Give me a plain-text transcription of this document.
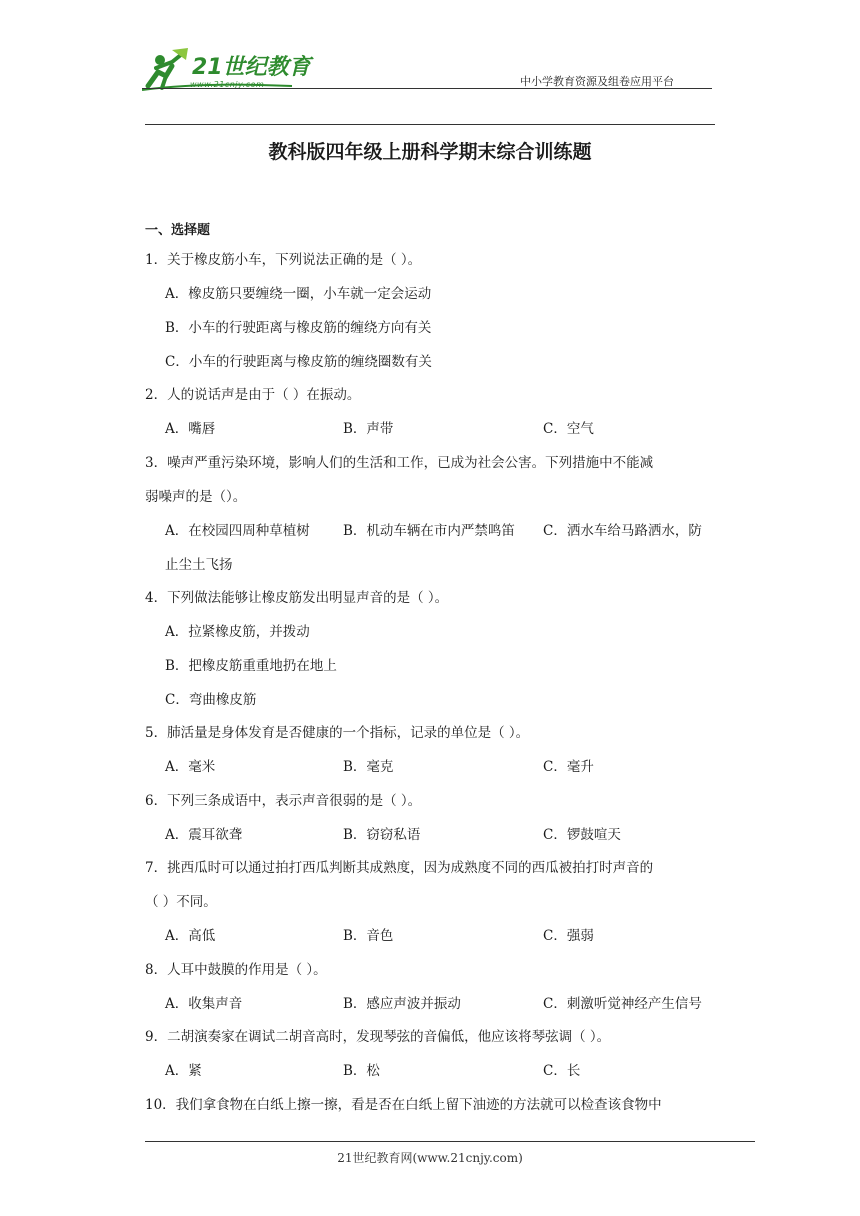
21世纪教育
www.21cnjy.com	中小学教育资源及组卷应用平台
教科版四年级上册科学期末综合训练题
一、选择题
1．关于橡皮筋小车，下列说法正确的是（ ）。
A．橡皮筋只要缠绕一圈，小车就一定会运动
B．小车的行驶距离与橡皮筋的缠绕方向有关
C．小车的行驶距离与橡皮筋的缠绕圈数有关
2．人的说话声是由于（ ）在振动。
A．嘴唇	B．声带	C．空气
3．噪声严重污染环境，影响人们的生活和工作，已成为社会公害。下列措施中不能减
弱噪声的是（）。
A．在校园四周种草植树 B．机动车辆在市内严禁鸣笛 C．洒水车给马路洒水，防
止尘土飞扬
4．下列做法能够让橡皮筋发出明显声音的是（ ）。
A．拉紧橡皮筋，并拨动
B．把橡皮筋重重地扔在地上
C．弯曲橡皮筋
5．肺活量是身体发育是否健康的一个指标，记录的单位是（ ）。
A．毫米	B．毫克	C．毫升
6．下列三条成语中，表示声音很弱的是（ ）。
A．震耳欲聋	B．窃窃私语	C．锣鼓喧天
7．挑西瓜时可以通过拍打西瓜判断其成熟度，因为成熟度不同的西瓜被拍打时声音的
（ ）不同。
A．高低	B．音色	C．强弱
8．人耳中鼓膜的作用是（ ）。
A．收集声音	B．感应声波并振动	C．刺激听觉神经产生信号
9．二胡演奏家在调试二胡音高时，发现琴弦的音偏低，他应该将琴弦调（ ）。
A．紧	B．松	C．长
10．我们拿食物在白纸上擦一擦，看是否在白纸上留下油迹的方法就可以检查该食物中
21世纪教育网(www.21cnjy.com)
